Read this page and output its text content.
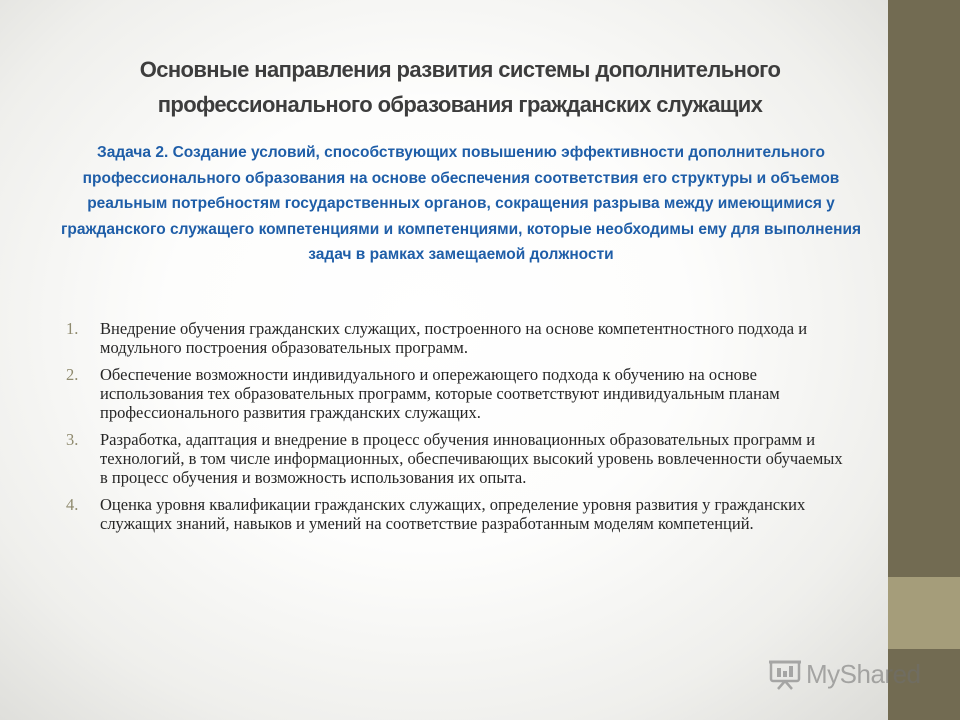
Основные направления развития системы дополнительного профессионального образования гражданских служащих

Задача 2. Создание условий, способствующих повышению эффективности дополнительного профессионального образования на основе обеспечения соответствия его структуры и объемов реальным потребностям государственных органов, сокращения разрыва между имеющимися у гражданского служащего компетенциями и компетенциями, которые необходимы ему для выполнения задач в рамках замещаемой должности

1.	Внедрение обучения гражданских служащих, построенного на основе компетентностного подхода и модульного построения образовательных программ.
2.	Обеспечение возможности индивидуального и опережающего подхода к обучению на основе использования тех образовательных программ, которые соответствуют индивидуальным планам профессионального развития гражданских служащих.
3.	Разработка, адаптация и внедрение в процесс обучения инновационных образовательных программ и технологий, в том числе информационных, обеспечивающих высокий уровень вовлеченности обучаемых в процесс обучения и возможность использования их опыта.
4.	Оценка уровня квалификации гражданских служащих, определение уровня развития у гражданских служащих знаний, навыков и умений на соответствие разработанным моделям компетенций.
MyShared
